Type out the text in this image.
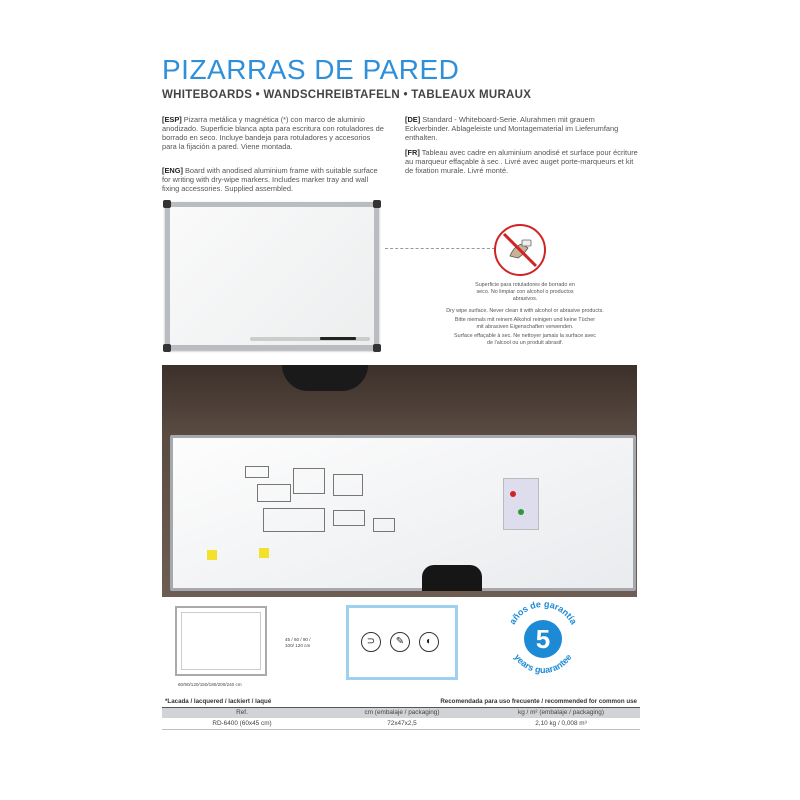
PIZARRAS DE PARED
WHITEBOARDS • WANDSCHREIBTAFELN • TABLEAUX MURAUX
[ESP] Pizarra metálica y magnética (*) con marco de aluminio anodizado. Superficie blanca apta para escritura con rotuladores de borrado en seco. Incluye bandeja para rotuladores y accesorios para la fijación a pared. Viene montada.
[ENG] Board with anodised aluminium frame with suitable surface for writing with dry-wipe markers. Includes marker tray and wall fixing accessories. Supplied assembled.
[DE] Standard - Whiteboard-Serie. Alurahmen mit grauem Eckverbinder. Ablageleiste und Montagematerial im Lieferumfang enthalten.
[FR] Tableau avec cadre en aluminium anodisé et surface pour écriture au marqueur effaçable à sec . Livré avec auget porte-marqueurs et kit de fixation murale. Livré monté.
Superficie para rotuladores de borrado en seco. No limpiar con alcohol o productos abrasivos.
Dry wipe surface. Never clean it with alcohol or abrasive products.
Bitte niemals mit reinem Alkohol reinigen und keine Tücher mit abrasiven Eigenschaften verwenden.
Surface effaçable à sec. Ne nettoyer jamais la surface avec de l'alcool ou un produit abrasif.
45 / 60 / 90 / 100/ 120 cm
60/90/120/150/180/200/240 cm
⊃	✎	◐
años de garantía
5
years guarantee
*Lacada / lacquered / lackiert / laqué	Recomendada para uso frecuente / recommended for common use
Ref.	cm (embalaje / packaging)	kg / m² (embalaje / packaging)
RD-6400 (60x45 cm)	72x47x2,5	2,10 kg / 0,008 m³
